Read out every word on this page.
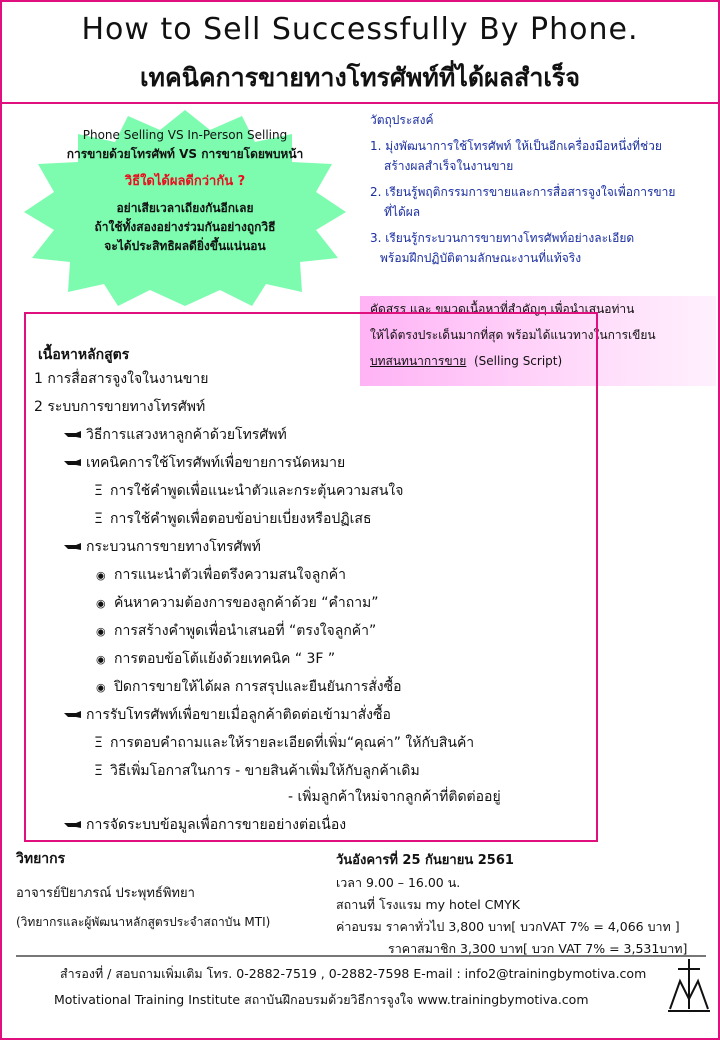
How to Sell Successfully By Phone.
เทคนิคการขายทางโทรศัพท์ที่ได้ผลสำเร็จ
Phone Selling VS In-Person Selling
การขายด้วยโทรศัพท์ VS การขายโดยพบหน้า
วิธีใดได้ผลดีกว่ากัน ?
อย่าเสียเวลาเถียงกันอีกเลย
ถ้าใช้ทั้งสองอย่างร่วมกันอย่างถูกวิธี
จะได้ประสิทธิผลดียิ่งขึ้นแน่นอน
วัตถุประสงค์
1. มุ่งพัฒนาการใช้โทรศัพท์ ให้เป็นอีกเครื่องมือหนึ่งที่ช่วย
สร้างผลสำเร็จในงานขาย
2. เรียนรู้พฤติกรรมการขายและการสื่อสารจูงใจเพื่อการขาย
ที่ได้ผล
3. เรียนรู้กระบวนการขายทางโทรศัพท์อย่างละเอียด
พร้อมฝึกปฏิบัติตามลักษณะงานที่แท้จริง
คัดสรร และ ขมวดเนื้อหาที่สำคัญๆ เพื่อนำเสนอท่าน
ให้ได้ตรงประเด็นมากที่สุด พร้อมได้แนวทางในการเขียน
บทสนทนาการขาย (Selling Script)
เนื้อหาหลักสูตร
1 การสื่อสารจูงใจในงานขาย
2 ระบบการขายทางโทรศัพท์
วิธีการแสวงหาลูกค้าด้วยโทรศัพท์
เทคนิคการใช้โทรศัพท์เพื่อขายการนัดหมาย
Ξ การใช้คำพูดเพื่อแนะนำตัวและกระตุ้นความสนใจ
Ξ การใช้คำพูดเพื่อตอบข้อบ่ายเบี่ยงหรือปฏิเสธ
กระบวนการขายทางโทรศัพท์
◉ การแนะนำตัวเพื่อตรึงความสนใจลูกค้า
◉ ค้นหาความต้องการของลูกค้าด้วย “คำถาม”
◉ การสร้างคำพูดเพื่อนำเสนอที่ “ตรงใจลูกค้า”
◉ การตอบข้อโต้แย้งด้วยเทคนิค “ 3F ”
◉ ปิดการขายให้ได้ผล การสรุปและยืนยันการสั่งซื้อ
การรับโทรศัพท์เพื่อขายเมื่อลูกค้าติดต่อเข้ามาสั่งซื้อ
Ξ การตอบคำถามและให้รายละเอียดที่เพิ่ม“คุณค่า” ให้กับสินค้า
Ξ วิธีเพิ่มโอกาสในการ - ขายสินค้าเพิ่มให้กับลูกค้าเดิม
- เพิ่มลูกค้าใหม่จากลูกค้าที่ติดต่ออยู่
การจัดระบบข้อมูลเพื่อการขายอย่างต่อเนื่อง
วิทยากร
อาจารย์ปิยาภรณ์ ประพุทธ์พิทยา
(วิทยากรและผู้พัฒนาหลักสูตรประจำสถาบัน MTI)
วันอังคารที่ 25 กันยายน 2561
เวลา 9.00 – 16.00 น.
สถานที่ โรงแรม my hotel CMYK
ค่าอบรม ราคาทั่วไป 3,800 บาท[ บวกVAT 7% = 4,066 บาท ]
ราคาสมาชิก 3,300 บาท[ บวก VAT 7% = 3,531บาท]
สำรองที่ / สอบถามเพิ่มเติม โทร. 0-2882-7519 , 0-2882-7598 E-mail : info2@trainingbymotiva.com
Motivational Training Institute สถาบันฝึกอบรมด้วยวิธีการจูงใจ www.trainingbymotiva.com
